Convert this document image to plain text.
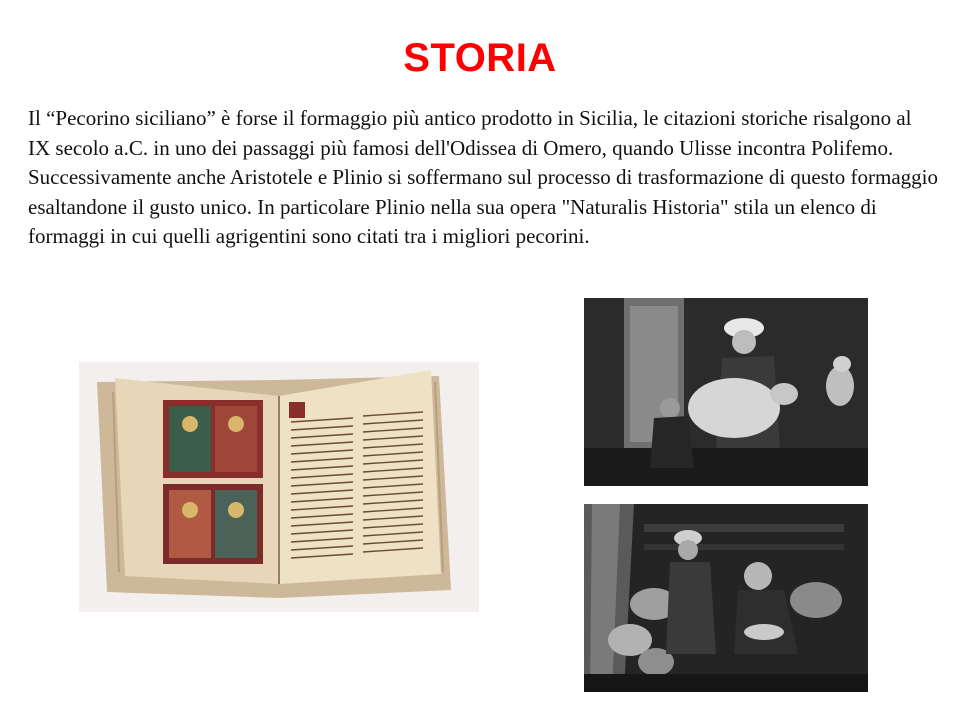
STORIA

Il “Pecorino siciliano” è forse il formaggio più antico prodotto in Sicilia, le citazioni storiche risalgono al IX secolo a.C. in uno dei passaggi più famosi dell'Odissea di Omero, quando Ulisse incontra Polifemo. Successivamente anche Aristotele e Plinio si soffermano sul processo di trasformazione di questo formaggio esaltandone il gusto unico. In particolare Plinio nella sua opera "Naturalis Historia" stila un elenco di formaggi in cui quelli agrigentini sono citati tra i migliori pecorini.
